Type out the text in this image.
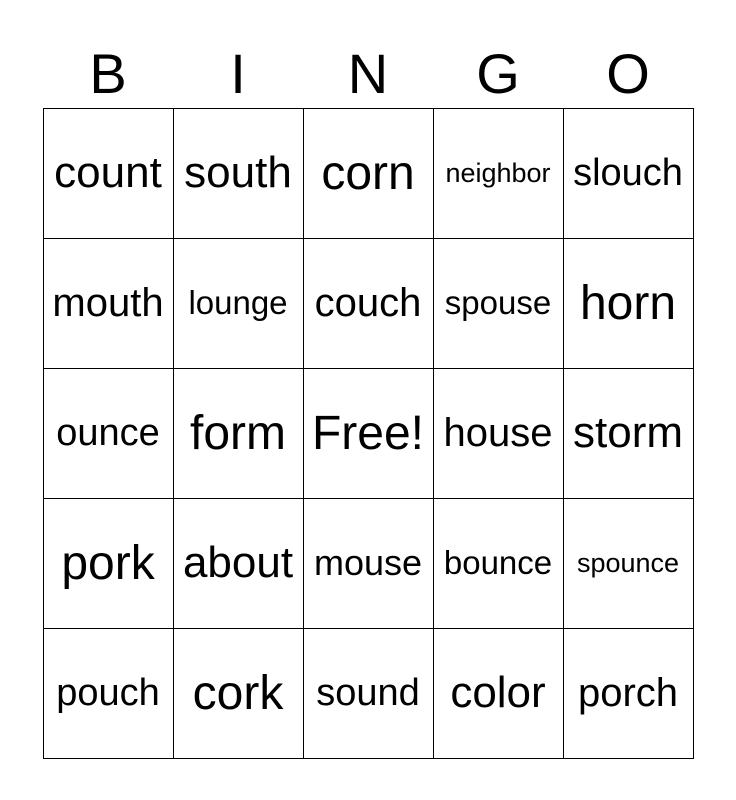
B	I	N	G	O
count south corn neighbor slouch
mouth lounge couch spouse horn
ounce form Free! house storm
pork about mouse bounce spounce
pouch cork sound color porch
